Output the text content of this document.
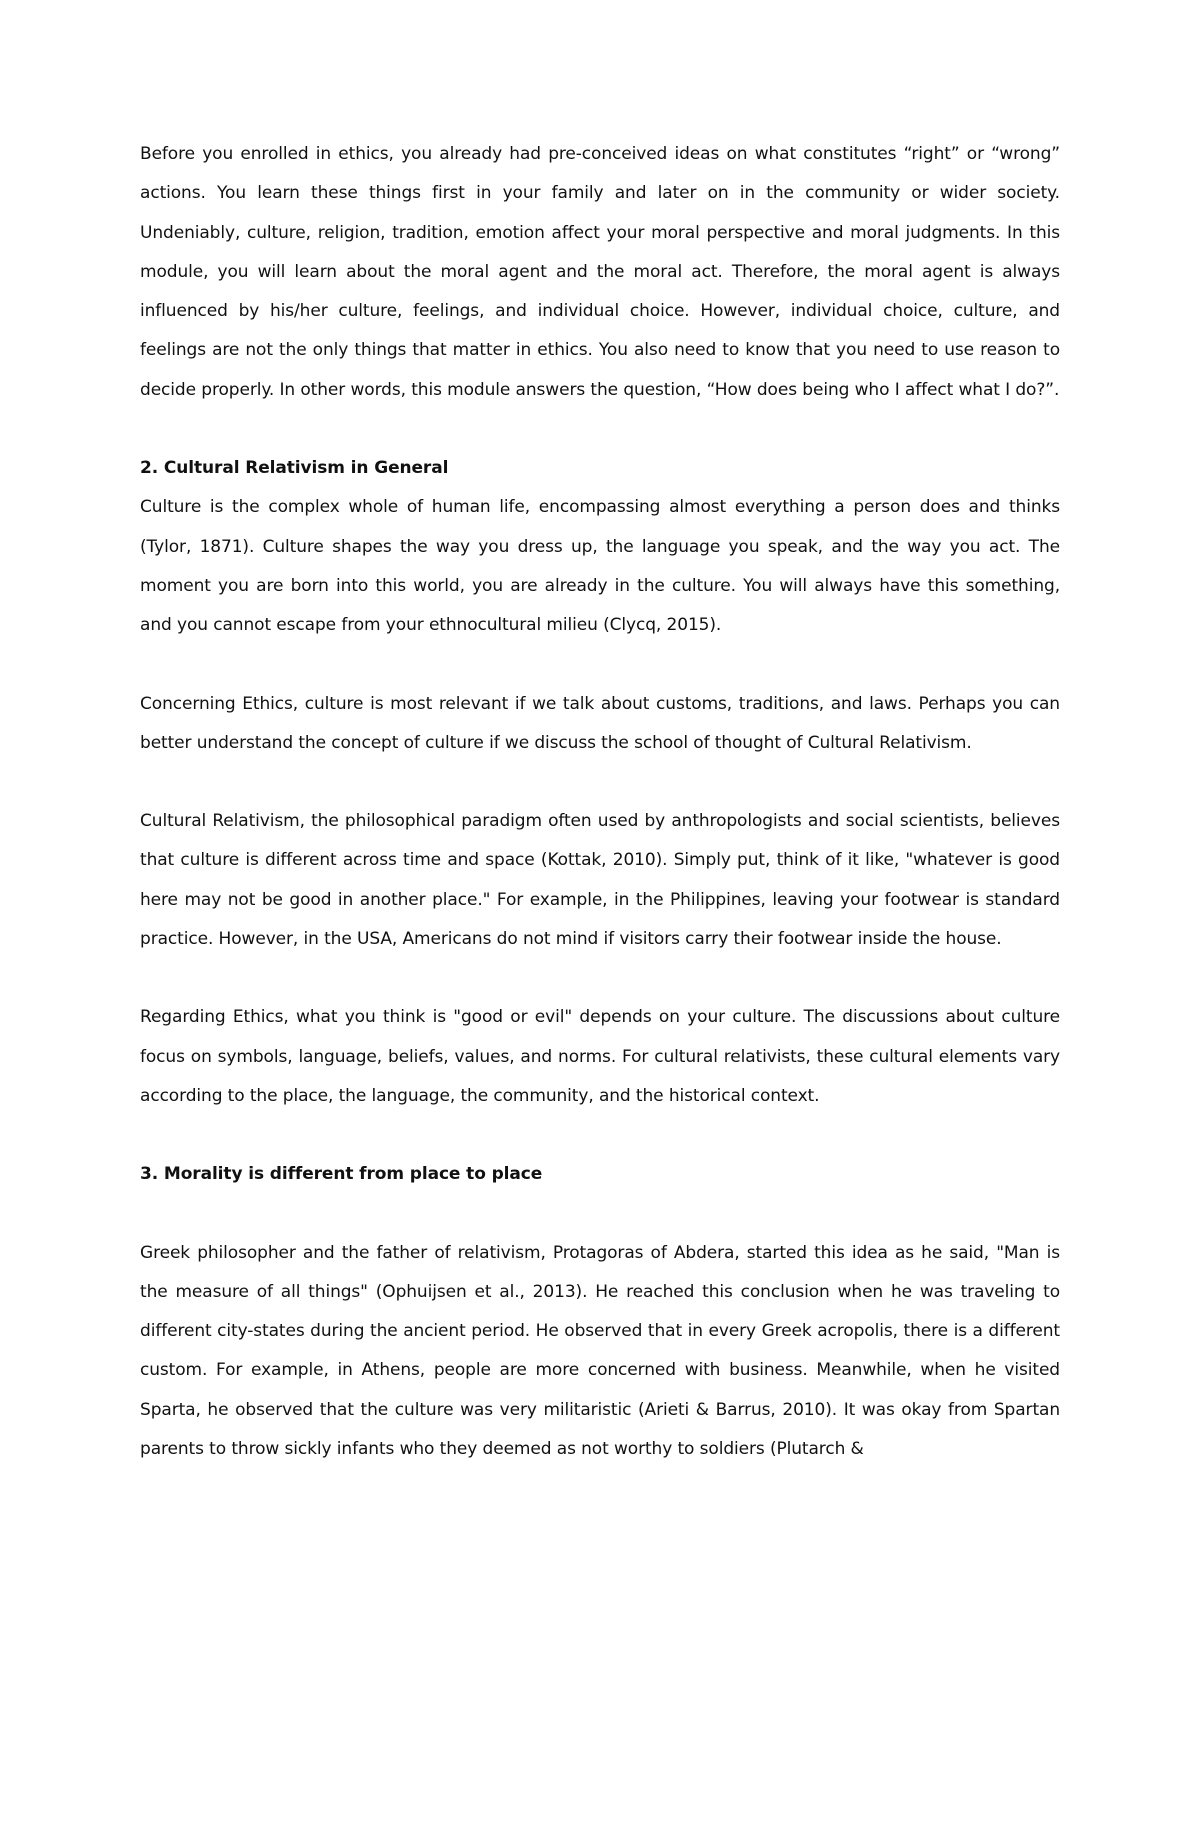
Before you enrolled in ethics, you already had pre-conceived ideas on what constitutes “right” or “wrong” actions. You learn these things first in your family and later on in the community or wider society. Undeniably, culture, religion, tradition, emotion affect your moral perspective and moral judgments. In this module, you will learn about the moral agent and the moral act. Therefore, the moral agent is always influenced by his/her culture, feelings, and individual choice. However, individual choice, culture, and feelings are not the only things that matter in ethics. You also need to know that you need to use reason to decide properly. In other words, this module answers the question, “How does being who I affect what I do?”.

2. Cultural Relativism in General

Culture is the complex whole of human life, encompassing almost everything a person does and thinks (Tylor, 1871). Culture shapes the way you dress up, the language you speak, and the way you act. The moment you are born into this world, you are already in the culture. You will always have this something, and you cannot escape from your ethnocultural milieu (Clycq, 2015).

Concerning Ethics, culture is most relevant if we talk about customs, traditions, and laws. Perhaps you can better understand the concept of culture if we discuss the school of thought of Cultural Relativism.

Cultural Relativism, the philosophical paradigm often used by anthropologists and social scientists, believes that culture is different across time and space (Kottak, 2010). Simply put, think of it like, "whatever is good here may not be good in another place." For example, in the Philippines, leaving your footwear is standard practice. However, in the USA, Americans do not mind if visitors carry their footwear inside the house.

Regarding Ethics, what you think is "good or evil" depends on your culture. The discussions about culture focus on symbols, language, beliefs, values, and norms. For cultural relativists, these cultural elements vary according to the place, the language, the community, and the historical context.

3. Morality is different from place to place

Greek philosopher and the father of relativism, Protagoras of Abdera, started this idea as he said, "Man is the measure of all things" (Ophuijsen et al., 2013). He reached this conclusion when he was traveling to different city-states during the ancient period. He observed that in every Greek acropolis, there is a different custom. For example, in Athens, people are more concerned with business. Meanwhile, when he visited Sparta, he observed that the culture was very militaristic (Arieti & Barrus, 2010). It was okay from Spartan parents to throw sickly infants who they deemed as not worthy to soldiers (Plutarch &
